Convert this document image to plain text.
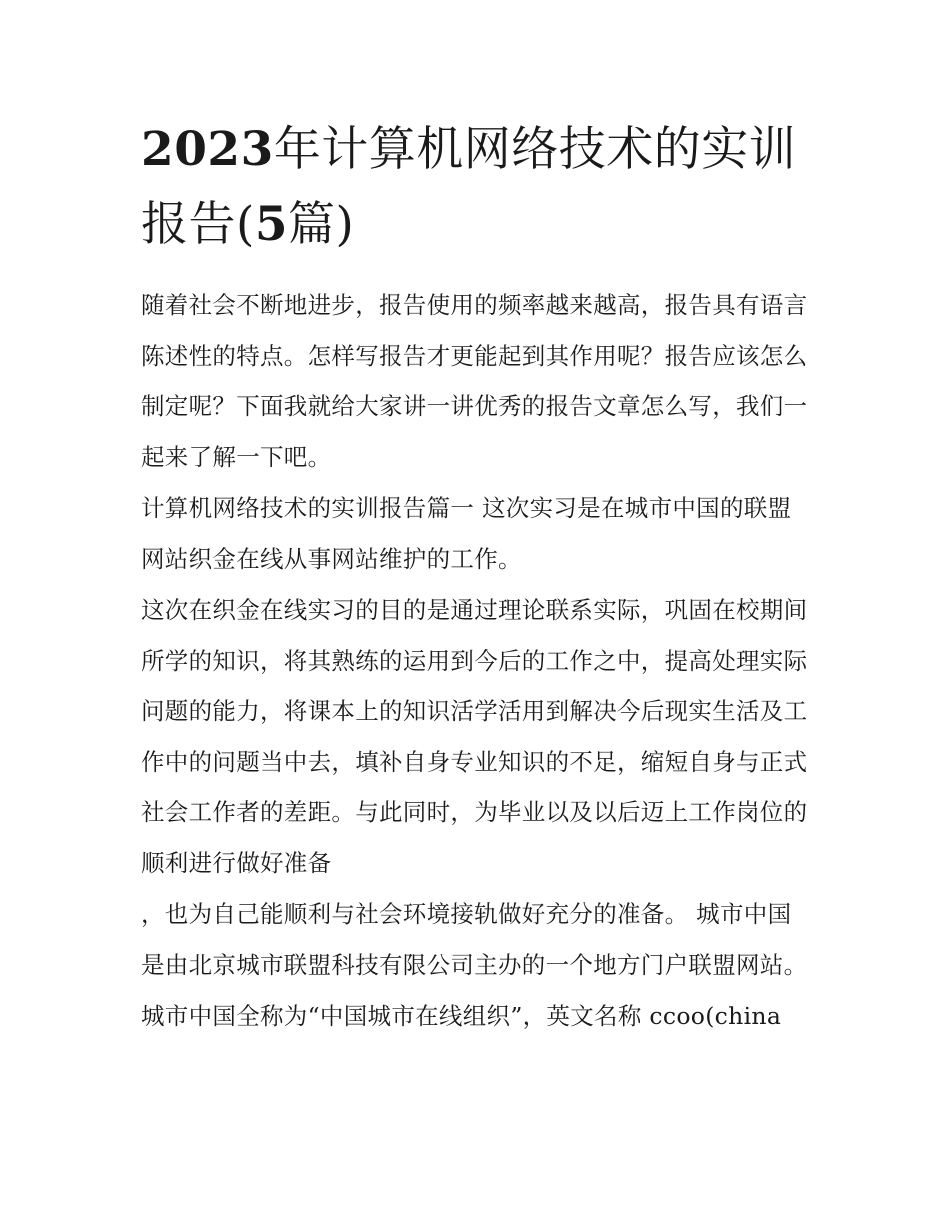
2023年计算机网络技术的实训报告(5篇)

随着社会不断地进步，报告使用的频率越来越高，报告具有语言陈述性的特点。怎样写报告才更能起到其作用呢？报告应该怎么制定呢？下面我就给大家讲一讲优秀的报告文章怎么写，我们一起来了解一下吧。

计算机网络技术的实训报告篇一 这次实习是在城市中国的联盟网站织金在线从事网站维护的工作。

这次在织金在线实习的目的是通过理论联系实际，巩固在校期间所学的知识，将其熟练的运用到今后的工作之中，提高处理实际问题的能力，将课本上的知识活学活用到解决今后现实生活及工作中的问题当中去，填补自身专业知识的不足，缩短自身与正式社会工作者的差距。与此同时，为毕业以及以后迈上工作岗位的顺利进行做好准备

，也为自己能顺利与社会环境接轨做好充分的准备。 城市中国是由北京城市联盟科技有限公司主办的一个地方门户联盟网站。

城市中国全称为“中国城市在线组织”，英文名称 ccoo(china
